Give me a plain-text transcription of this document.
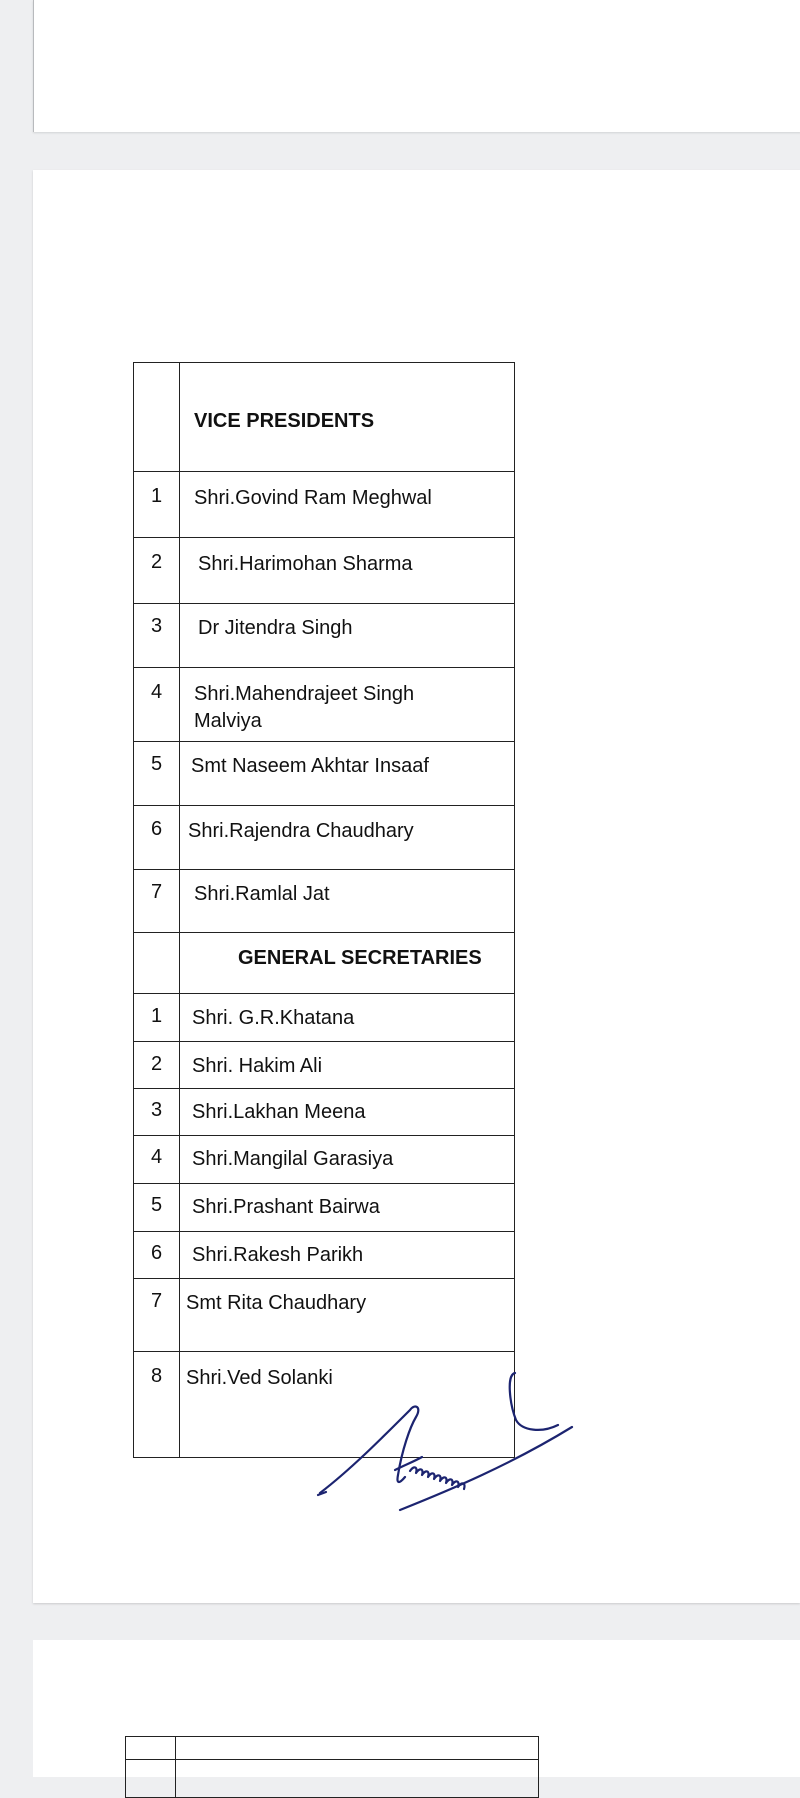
VICE PRESIDENTS
1	Shri.Govind Ram Meghwal
2	Shri.Harimohan Sharma
3	Dr Jitendra Singh
4	Shri.Mahendrajeet Singh Malviya
5	Smt Naseem Akhtar Insaaf
6	Shri.Rajendra Chaudhary
7	Shri.Ramlal Jat
GENERAL SECRETARIES
1	Shri. G.R.Khatana
2	Shri. Hakim Ali
3	Shri.Lakhan Meena
4	Shri.Mangilal Garasiya
5	Shri.Prashant Bairwa
6	Shri.Rakesh Parikh
7	Smt Rita Chaudhary
8	Shri.Ved Solanki
